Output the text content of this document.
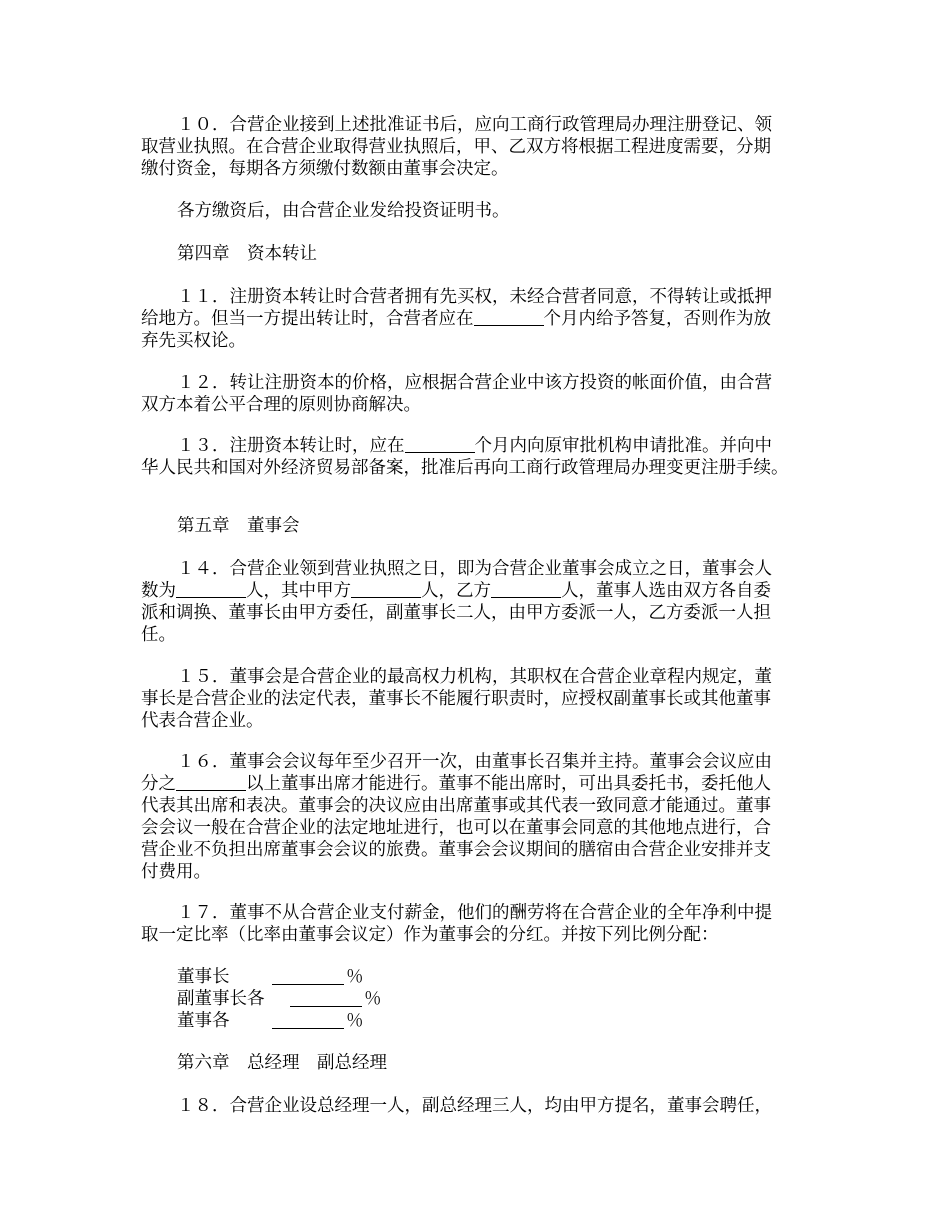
１０．合营企业接到上述批准证书后，应向工商行政管理局办理注册登记、领
取营业执照。在合营企业取得营业执照后，甲、乙双方将根据工程进度需要，分期
缴付资金，每期各方须缴付数额由董事会决定。
各方缴资后，由合营企业发给投资证明书。
第四章　资本转让
１１．注册资本转让时合营者拥有先买权，未经合营者同意，不得转让或抵押
给地方。但当一方提出转让时，合营者应在	个月内给予答复，否则作为放
弃先买权论。
１２．转让注册资本的价格，应根据合营企业中该方投资的帐面价值，由合营
双方本着公平合理的原则协商解决。
１３．注册资本转让时，应在	个月内向原审批机构申请批准。并向中
华人民共和国对外经济贸易部备案，批准后再向工商行政管理局办理变更注册手续。
第五章　董事会
１４．合营企业领到营业执照之日，即为合营企业董事会成立之日，董事会人
数为	人，其中甲方	人，乙方	人，董事人选由双方各自委
派和调换、董事长由甲方委任，副董事长二人，由甲方委派一人，乙方委派一人担
任。
１５．董事会是合营企业的最高权力机构，其职权在合营企业章程内规定，董
事长是合营企业的法定代表，董事长不能履行职责时，应授权副董事长或其他董事
代表合营企业。
１６．董事会会议每年至少召开一次，由董事长召集并主持。董事会会议应由
分之	以上董事出席才能进行。董事不能出席时，可出具委托书，委托他人
代表其出席和表决。董事会的决议应由出席董事或其代表一致同意才能通过。董事
会会议一般在合营企业的法定地址进行，也可以在董事会同意的其他地点进行，合
营企业不负担出席董事会会议的旅费。董事会会议期间的膳宿由合营企业安排并支
付费用。
１７．董事不从合营企业支付薪金，他们的酬劳将在合营企业的全年净利中提
取一定比率（比率由董事会议定）作为董事会的分红。并按下列比例分配：
董事长	％
副董事长各	％
董事各	％
第六章　总经理　副总经理
１８．合营企业设总经理一人，副总经理三人，均由甲方提名，董事会聘任，
